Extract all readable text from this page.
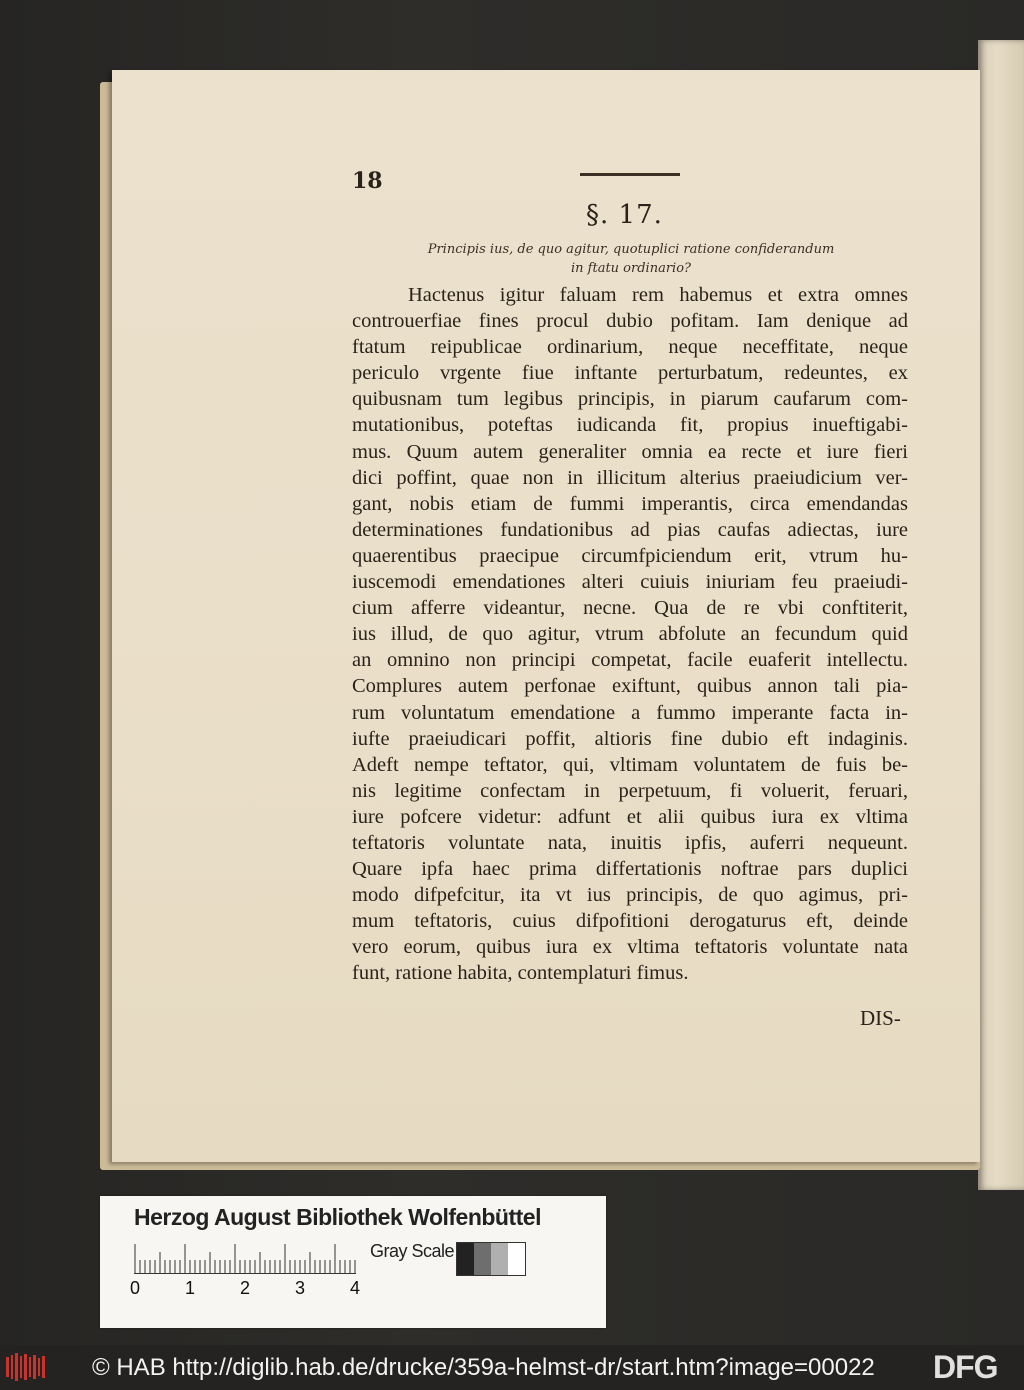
18
§. 17.
Principis ius, de quo agitur, quotuplici ratione confiderandum
in ftatu ordinario?
Hactenus igitur faluam rem habemus et extra omnes
controuerfiae fines procul dubio pofitam. Iam denique ad
ftatum reipublicae ordinarium, neque neceffitate, neque
periculo vrgente fiue inftante perturbatum, redeuntes, ex
quibusnam tum legibus principis, in piarum caufarum com-
mutationibus, poteftas iudicanda fit, propius inueftigabi-
mus. Quum autem generaliter omnia ea recte et iure fieri
dici poffint, quae non in illicitum alterius praeiudicium ver-
gant, nobis etiam de fummi imperantis, circa emendandas
determinationes fundationibus ad pias caufas adiectas, iure
quaerentibus praecipue circumfpiciendum erit, vtrum hu-
iuscemodi emendationes alteri cuiuis iniuriam feu praeiudi-
cium afferre videantur, necne. Qua de re vbi conftiterit,
ius illud, de quo agitur, vtrum abfolute an fecundum quid
an omnino non principi competat, facile euaferit intellectu.
Complures autem perfonae exiftunt, quibus annon tali pia-
rum voluntatum emendatione a fummo imperante facta in-
iufte praeiudicari poffit, altioris fine dubio eft indaginis.
Adeft nempe teftator, qui, vltimam voluntatem de fuis be-
nis legitime confectam in perpetuum, fi voluerit, feruari,
iure pofcere videtur: adfunt et alii quibus iura ex vltima
teftatoris voluntate nata, inuitis ipfis, auferri nequeunt.
Quare ipfa haec prima differtationis noftrae pars duplici
modo difpefcitur, ita vt ius principis, de quo agimus, pri-
mum teftatoris, cuius difpofitioni derogaturus eft, deinde
vero eorum, quibus iura ex vltima teftatoris voluntate nata
funt, ratione habita, contemplaturi fimus.
DIS-
Herzog August Bibliothek Wolfenbüttel
0 1 2 3 4
Gray Scale
© HAB http://diglib.hab.de/drucke/359a-helmst-dr/start.htm?image=00022 DFG
